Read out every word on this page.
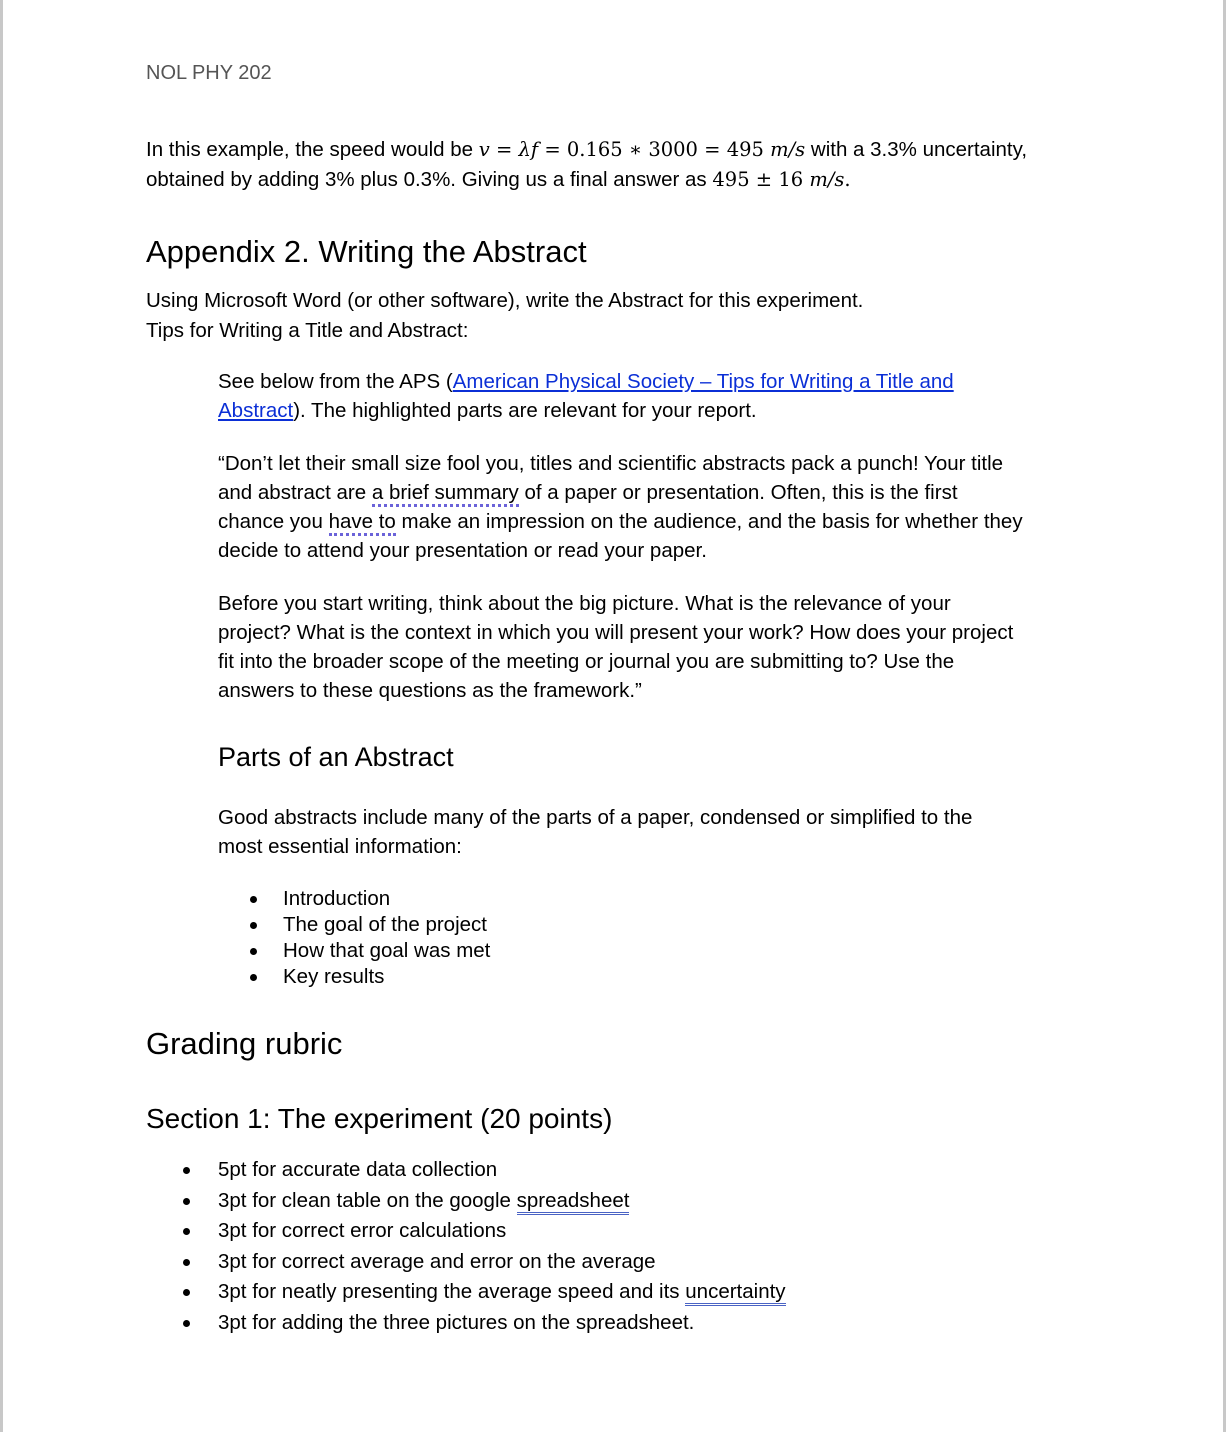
NOL PHY 202
In this example, the speed would be v = λf = 0.165 ∗ 3000 = 495 m/s with a 3.3% uncertainty,
obtained by adding 3% plus 0.3%. Giving us a final answer as 495 ± 16 m/s.
Appendix 2. Writing the Abstract
Using Microsoft Word (or other software), write the Abstract for this experiment.
Tips for Writing a Title and Abstract:
See below from the APS (American Physical Society – Tips for Writing a Title and
Abstract). The highlighted parts are relevant for your report.
“Don’t let their small size fool you, titles and scientific abstracts pack a punch! Your title
and abstract are a brief summary of a paper or presentation. Often, this is the first
chance you have to make an impression on the audience, and the basis for whether they
decide to attend your presentation or read your paper.
Before you start writing, think about the big picture. What is the relevance of your
project? What is the context in which you will present your work? How does your project
fit into the broader scope of the meeting or journal you are submitting to? Use the
answers to these questions as the framework.”
Parts of an Abstract
Good abstracts include many of the parts of a paper, condensed or simplified to the
most essential information:
Introduction
The goal of the project
How that goal was met
Key results
Grading rubric
Section 1: The experiment (20 points)
5pt for accurate data collection
3pt for clean table on the google spreadsheet
3pt for correct error calculations
3pt for correct average and error on the average
3pt for neatly presenting the average speed and its uncertainty
3pt for adding the three pictures on the spreadsheet.
